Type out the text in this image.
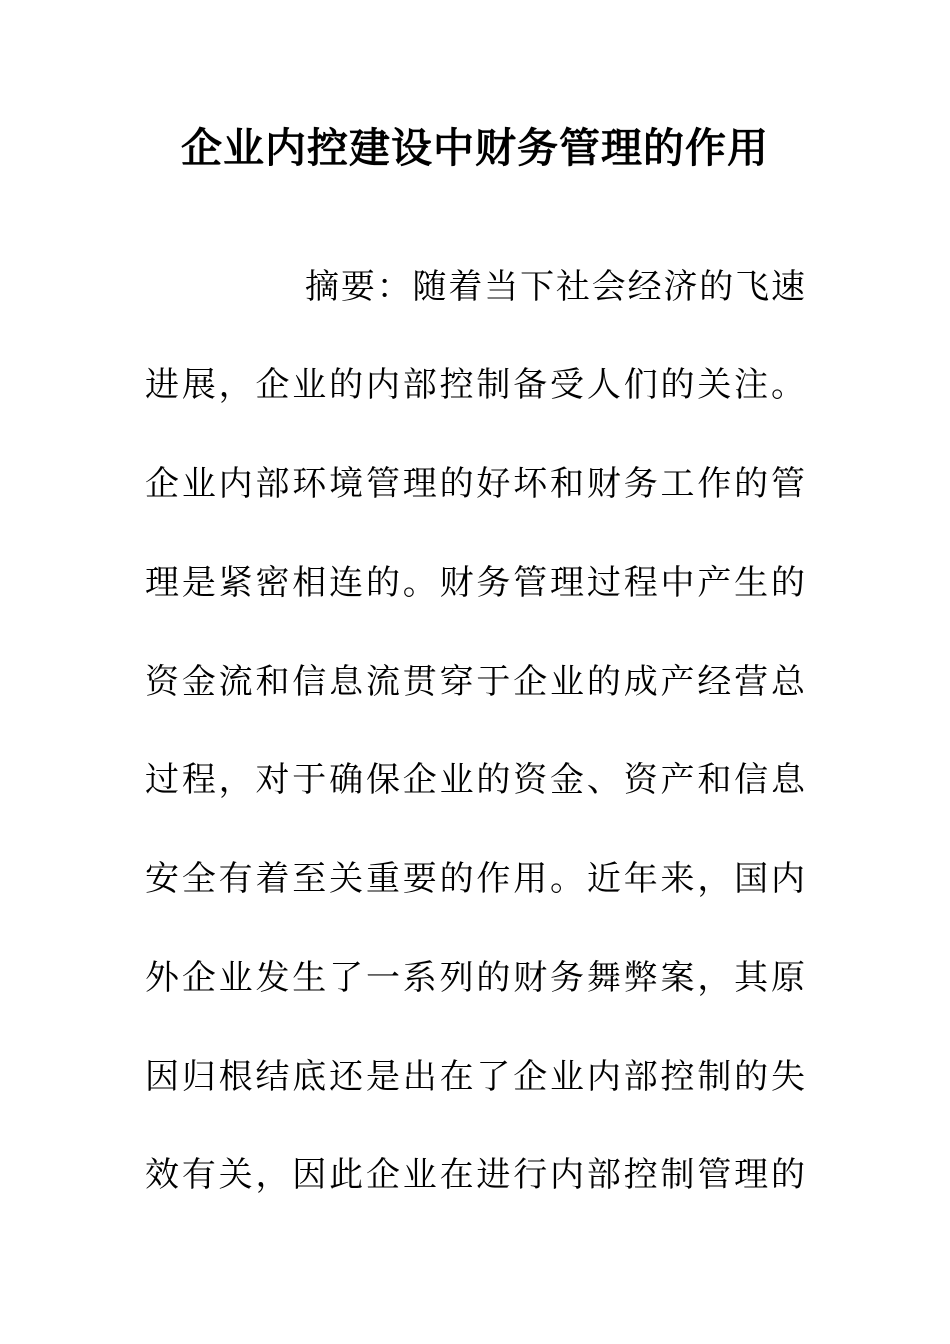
企业内控建设中财务管理的作用
摘要：随着当下社会经济的飞速
进展，企业的内部控制备受人们的关注。
企业内部环境管理的好坏和财务工作的管
理是紧密相连的。财务管理过程中产生的
资金流和信息流贯穿于企业的成产经营总
过程，对于确保企业的资金、资产和信息
安全有着至关重要的作用。近年来，国内
外企业发生了一系列的财务舞弊案，其原
因归根结底还是出在了企业内部控制的失
效有关，因此企业在进行内部控制管理的
